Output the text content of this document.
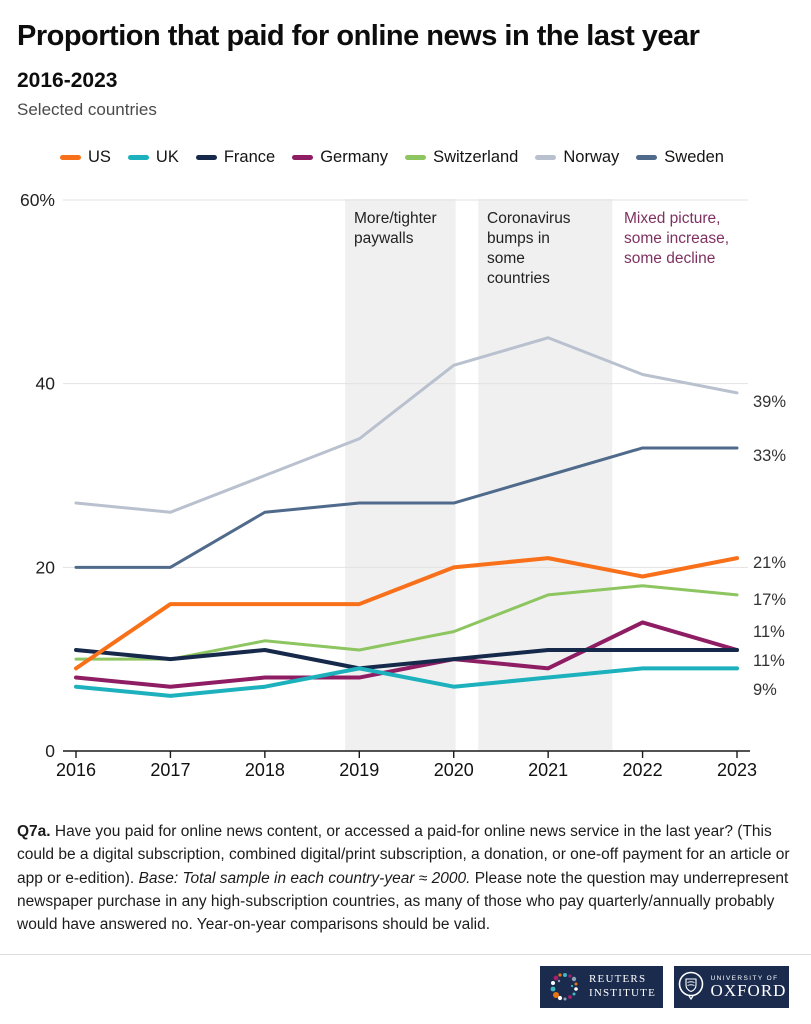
Proportion that paid for online news in the last year
2016-2023
Selected countries
US	UK	France	Germany	Switzerland	Norway	Sweden
60%
40
20
0
2016	2017	2018	2019	2020	2021	2022	2023
39%
33%
21%
17%
11%
11%
9%
More/tighter paywalls
Coronavirus bumps in some countries
Mixed picture, some increase, some decline
Q7a. Have you paid for online news content, or accessed a paid-for online news service in the last year? (This could be a digital subscription, combined digital/print subscription, a donation, or one-off payment for an article or app or e-edition). Base: Total sample in each country-year ≈ 2000. Please note the question may underrepresent newspaper purchase in any high-subscription countries, as many of those who pay quarterly/annually probably would have answered no. Year-on-year comparisons should be valid.
REUTERS
INSTITUTE
UNIVERSITY OF
OXFORD
